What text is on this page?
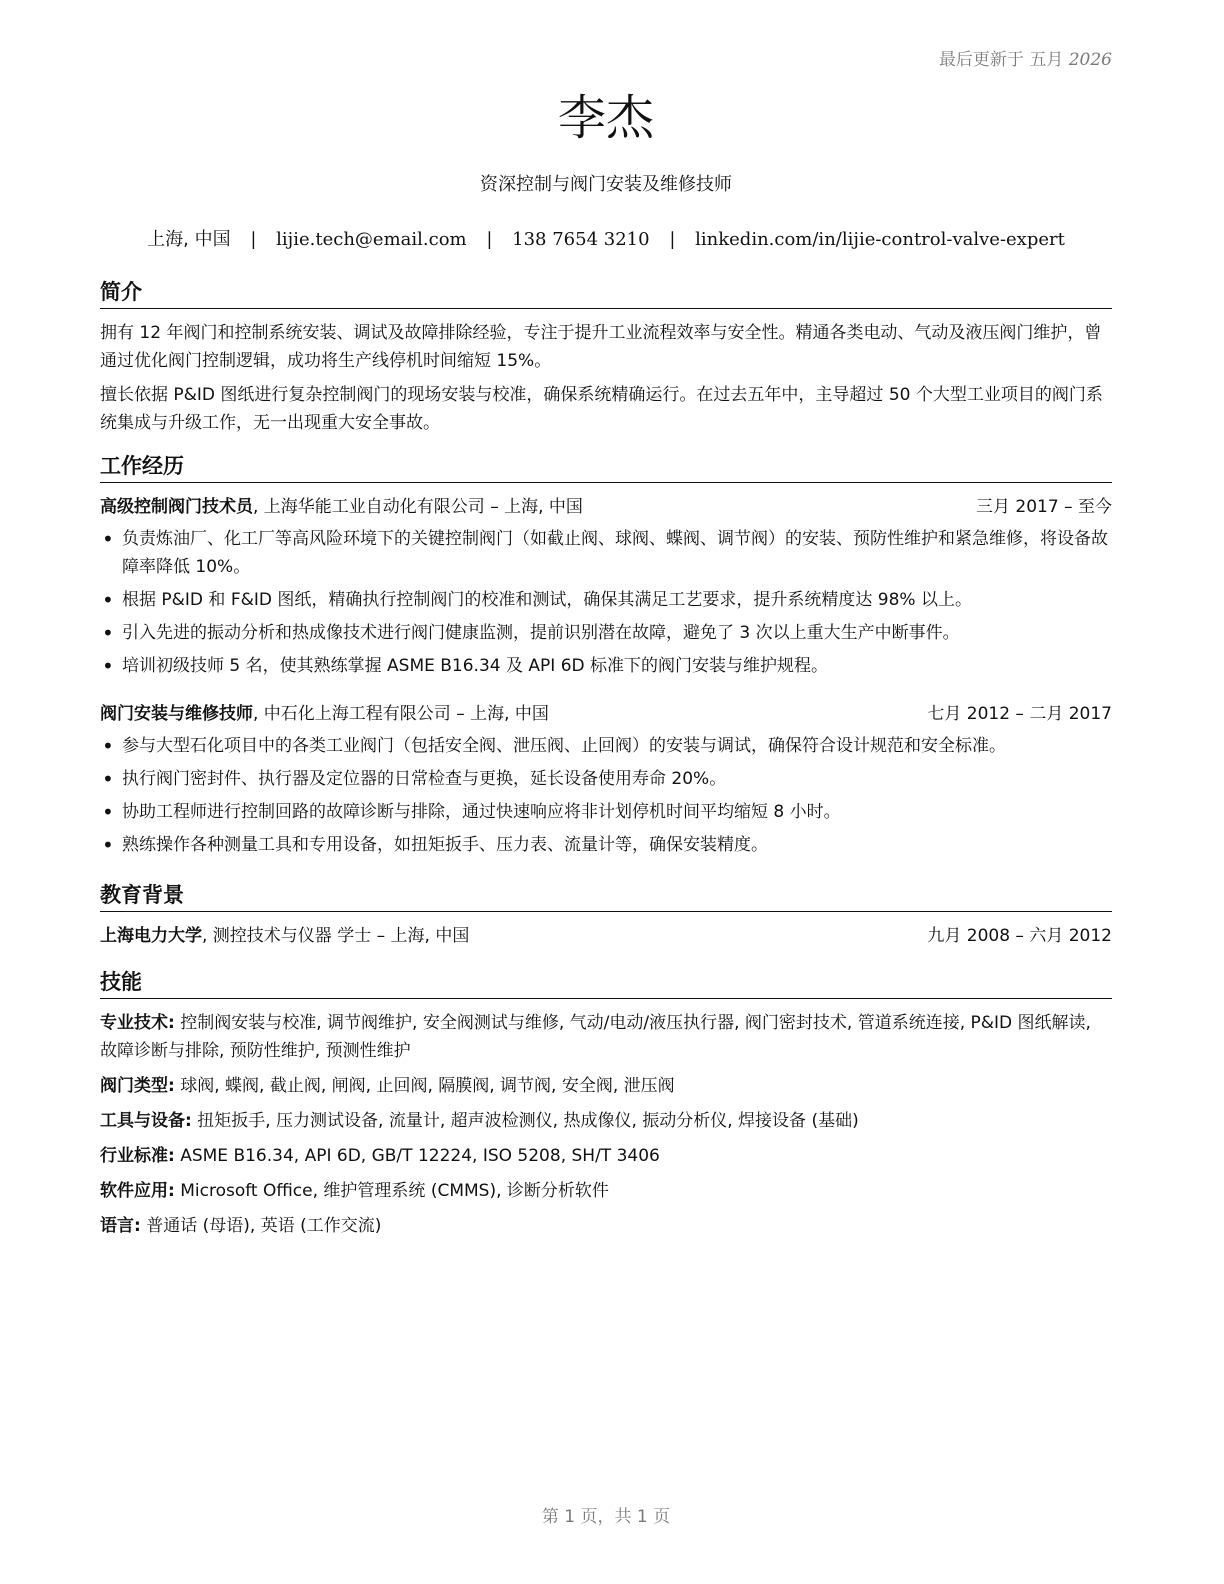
最后更新于 五月 2026
李杰
资深控制与阀门安装及维修技师
上海, 中国 | lijie.tech@email.com | 138 7654 3210 | linkedin.com/in/lijie-control-valve-expert
简介

拥有 12 年阀门和控制系统安装、调试及故障排除经验，专注于提升工业流程效率与安全性。精通各类电动、气动及液压阀门维护，曾通过优化阀门控制逻辑，成功将生产线停机时间缩短 15%。

擅长依据 P&ID 图纸进行复杂控制阀门的现场安装与校准，确保系统精确运行。在过去五年中，主导超过 50 个大型工业项目的阀门系统集成与升级工作，无一出现重大安全事故。

工作经历
高级控制阀门技术员, 上海华能工业自动化有限公司 – 上海, 中国	三月 2017 – 至今
• 负责炼油厂、化工厂等高风险环境下的关键控制阀门（如截止阀、球阀、蝶阀、调节阀）的安装、预防性维护和紧急维修，将设备故障率降低 10%。
• 根据 P&ID 和 F&ID 图纸，精确执行控制阀门的校准和测试，确保其满足工艺要求，提升系统精度达 98% 以上。
• 引入先进的振动分析和热成像技术进行阀门健康监测，提前识别潜在故障，避免了 3 次以上重大生产中断事件。
• 培训初级技师 5 名，使其熟练掌握 ASME B16.34 及 API 6D 标准下的阀门安装与维护规程。
阀门安装与维修技师, 中石化上海工程有限公司 – 上海, 中国	七月 2012 – 二月 2017
• 参与大型石化项目中的各类工业阀门（包括安全阀、泄压阀、止回阀）的安装与调试，确保符合设计规范和安全标准。
• 执行阀门密封件、执行器及定位器的日常检查与更换，延长设备使用寿命 20%。
• 协助工程师进行控制回路的故障诊断与排除，通过快速响应将非计划停机时间平均缩短 8 小时。
• 熟练操作各种测量工具和专用设备，如扭矩扳手、压力表、流量计等，确保安装精度。
教育背景
上海电力大学, 测控技术与仪器 学士 – 上海, 中国	九月 2008 – 六月 2012
技能
专业技术: 控制阀安装与校准, 调节阀维护, 安全阀测试与维修, 气动/电动/液压执行器, 阀门密封技术, 管道系统连接, P&ID 图纸解读, 故障诊断与排除, 预防性维护, 预测性维护
阀门类型: 球阀, 蝶阀, 截止阀, 闸阀, 止回阀, 隔膜阀, 调节阀, 安全阀, 泄压阀
工具与设备: 扭矩扳手, 压力测试设备, 流量计, 超声波检测仪, 热成像仪, 振动分析仪, 焊接设备 (基础)
行业标准: ASME B16.34, API 6D, GB/T 12224, ISO 5208, SH/T 3406
软件应用: Microsoft Office, 维护管理系统 (CMMS), 诊断分析软件
语言: 普通话 (母语), 英语 (工作交流)
第 1 页，共 1 页
